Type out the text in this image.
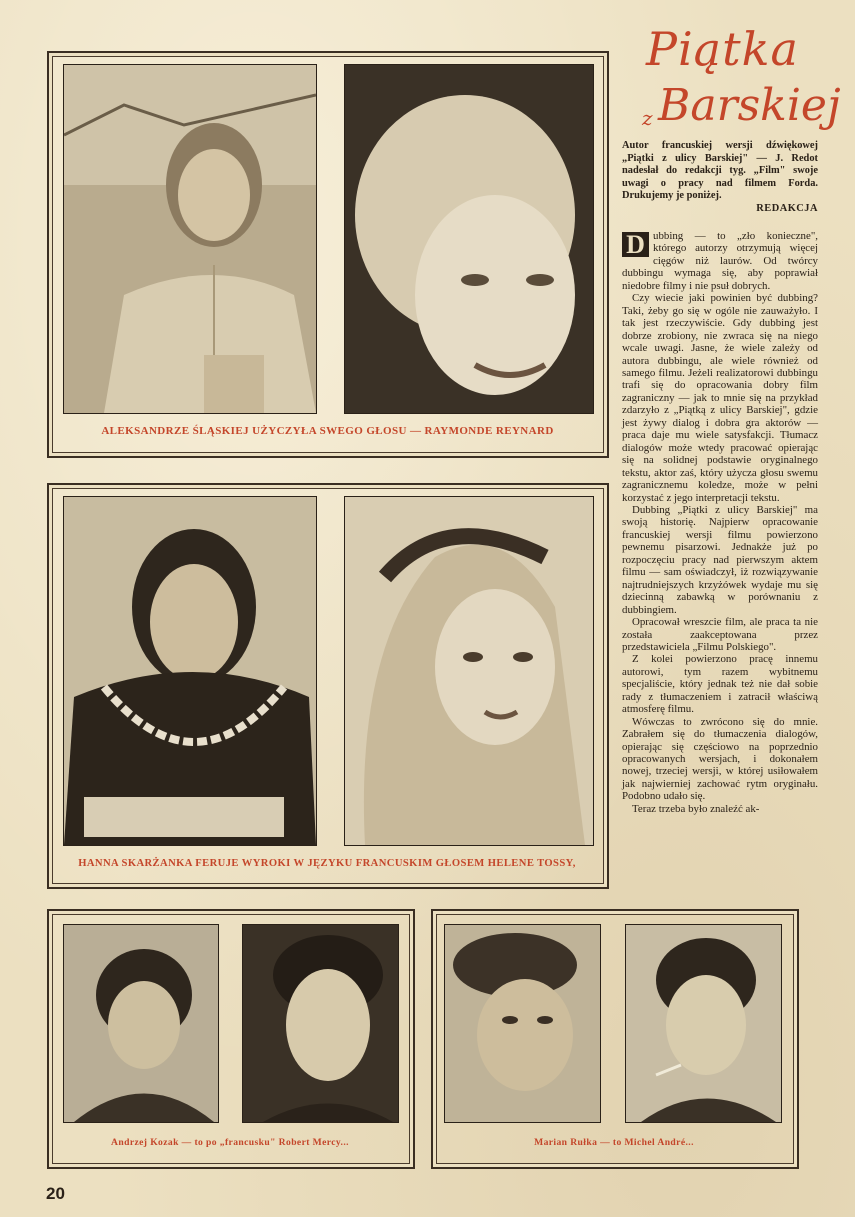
Piątka
z Barskiej
Autor francuskiej wersji dźwiękowej „Piątki z ulicy Barskiej" — J. Redot nadesłał do redakcji tyg. „Film" swoje uwagi o pracy nad filmem Forda. Drukujemy je poniżej.
REDAKCJA

D ubbing — to „zło konieczne", którego autorzy otrzymują więcej cięgów niż laurów. Od twórcy dubbingu wymaga się, aby poprawiał niedobre filmy i nie psuł dobrych.

Czy wiecie jaki powinien być dubbing? Taki, żeby go się w ogóle nie zauważyło. I tak jest rzeczywiście. Gdy dubbing jest dobrze zrobiony, nie zwraca się na niego wcale uwagi. Jasne, że wiele zależy od autora dubbingu, ale wiele również od samego filmu. Jeżeli realizatorowi dubbingu trafi się do opracowania dobry film zagraniczny — jak to mnie się na przykład zdarzyło z „Piątką z ulicy Barskiej", gdzie jest żywy dialog i dobra gra aktorów — praca daje mu wiele satysfakcji. Tłumacz dialogów może wtedy pracować opierając się na solidnej podstawie oryginalnego tekstu, aktor zaś, który użycza głosu swemu zagranicznemu koledze, może w pełni korzystać z jego interpretacji tekstu.

Dubbing „Piątki z ulicy Barskiej" ma swoją historię. Najpierw opracowanie francuskiej wersji filmu powierzono pewnemu pisarzowi. Jednakże już po rozpoczęciu pracy nad pierwszym aktem filmu — sam oświadczył, iż rozwiązywanie najtrudniejszych krzyżówek wydaje mu się dziecinną zabawką w porównaniu z dubbingiem.

Opracował wreszcie film, ale praca ta nie została zaakceptowana przez przedstawiciela „Filmu Polskiego".

Z kolei powierzono pracę innemu autorowi, tym razem wybitnemu specjaliście, który jednak też nie dał sobie rady z tłumaczeniem i zatracił właściwą atmosferę filmu.

Wówczas to zwrócono się do mnie. Zabrałem się do tłumaczenia dialogów, opierając się częściowo na poprzednio opracowanych wersjach, i dokonałem nowej, trzeciej wersji, w której usiłowałem jak najwierniej zachować rytm oryginału. Podobno udało się.

Teraz trzeba było znaleźć ak-

ALEKSANDRZE ŚLĄSKIEJ UŻYCZYŁA SWEGO GŁOSU — RAYMONDE REYNARD
HANNA SKARŻANKA FERUJE WYROKI W JĘZYKU FRANCUSKIM GŁOSEM HELENE TOSSY,
Andrzej Kozak — to po „francusku" Robert Mercy...	Marian Rułka — to Michel André...
20
